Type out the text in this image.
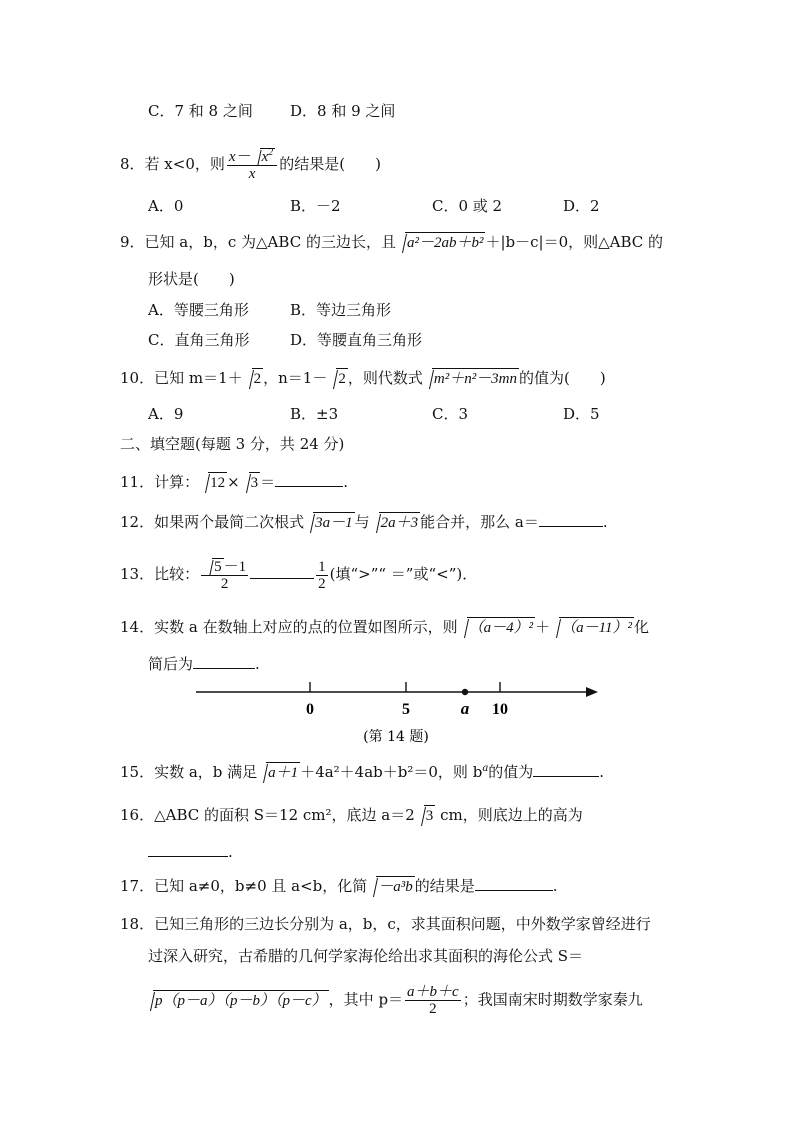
C．7 和 8 之间 D．8 和 9 之间
8．若 x<0，则 $\frac{x- x^2}{x}$ 的结果是(　　)
A．0	B．－2	C．0 或 2	D．2
9．已知 a，b，c 为△ABC 的三边长，且 a²－2ab＋b² ＋|b－c|＝0，则△ABC 的
形状是(　　)
A．等腰三角形	B．等边三角形
C．直角三角形	D．等腰直角三角形
10．已知 m＝1＋ 2 ，n＝1－ 2 ，则代数式 m²＋n²－3mn 的值为(　　)
A．9	B．±3	C．3	D．5
二、填空题(每题 3 分，共 24 分)
11．计算： 12 × 3 ＝	.
12．如果两个最简二次根式 3a－1 与 2a＋3 能合并，那么 a＝	.
13．比较： $\frac{5 -1}{2}$	$\frac{1}{2}$ (填“>”“ ＝”或“<”)．
14．实数 a 在数轴上对应的点的位置如图所示，则 （a－4）² ＋ （a－11）² 化
简后为	.
0	5	a 10
(第 14 题)
15．实数 a，b 满足 a＋1 ＋4a²＋4ab＋b²＝0，则 $b^a$的值为	.
16．△ABC 的面积 S＝12 cm²，底边 a＝2 3 cm，则底边上的高为
.
17．已知 a≠0，b≠0 且 a<b，化简 －a³b 的结果是	.
18．已知三角形的三边长分别为 a，b，c，求其面积问题，中外数学家曾经进行
过深入研究，古希腊的几何学家海伦给出求其面积的海伦公式 S＝
p（p－a）（p－b）（p－c） ，其中 $p= \frac{a+b+c}{2}$ ；我国南宋时期数学家秦九
